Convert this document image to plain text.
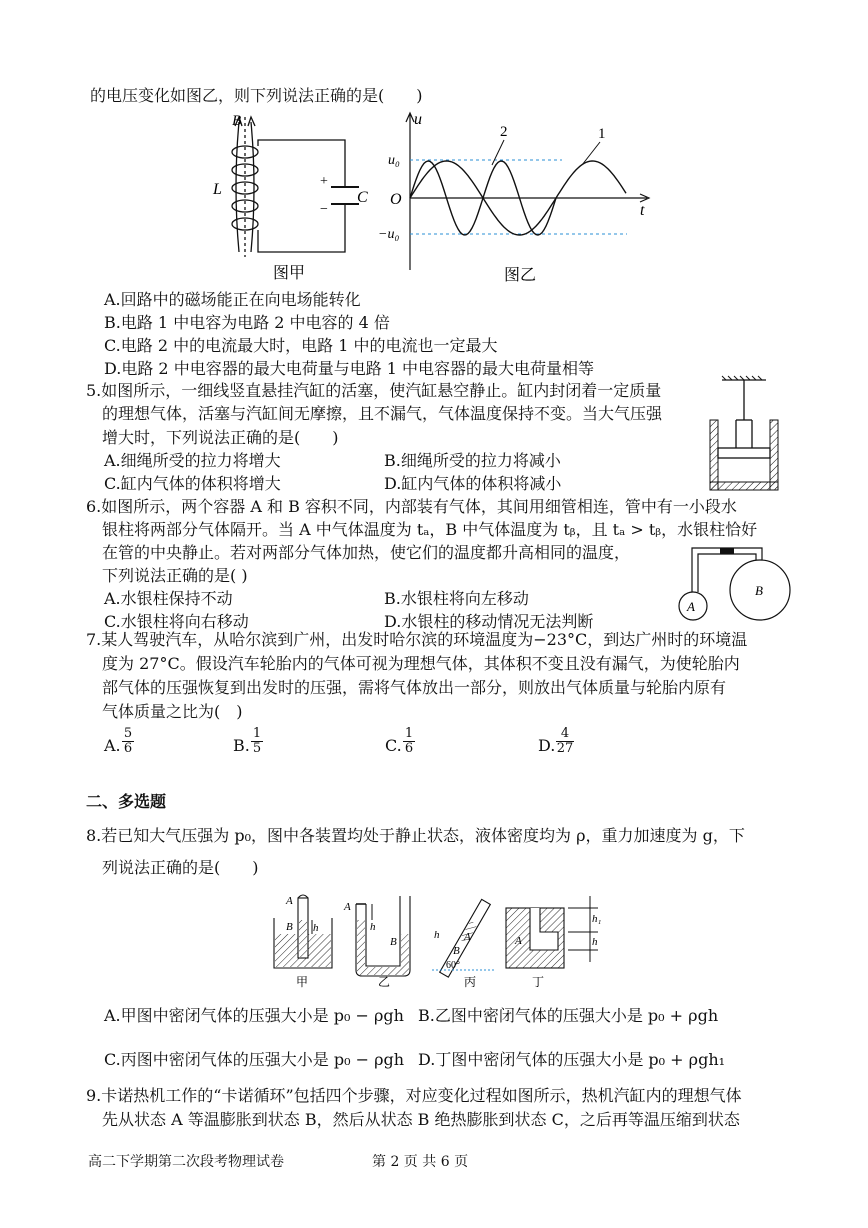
的电压变化如图乙，则下列说法正确的是(　　)
B
L	+
−
C
图甲
u
t
O
u₀
−u₀
2	1
图乙
A.回路中的磁场能正在向电场能转化
B.电路 1 中电容为电路 2 中电容的 4 倍
C.电路 2 中的电流最大时，电路 1 中的电流也一定最大
D.电路 2 中电容器的最大电荷量与电路 1 中电容器的最大电荷量相等
5.如图所示，一细线竖直悬挂汽缸的活塞，使汽缸悬空静止。缸内封闭着一定质量
的理想气体，活塞与汽缸间无摩擦，且不漏气，气体温度保持不变。当大气压强
增大时，下列说法正确的是(　　)
A.细绳所受的拉力将增大	B.细绳所受的拉力将减小
C.缸内气体的体积将增大	D.缸内气体的体积将减小
6.如图所示，两个容器 A 和 B 容积不同，内部装有气体，其间用细管相连，管中有一小段水
银柱将两部分气体隔开。当 A 中气体温度为 tₐ，B 中气体温度为 tᵦ，且 tₐ > tᵦ，水银柱恰好
在管的中央静止。若对两部分气体加热，使它们的温度都升高相同的温度，
下列说法正确的是( )
A.水银柱保持不动	B.水银柱将向左移动
C.水银柱将向右移动	D.水银柱的移动情况无法判断
A
B
7.某人驾驶汽车，从哈尔滨到广州，出发时哈尔滨的环境温度为−23°C，到达广州时的环境温
度为 27°C。假设汽车轮胎内的气体可视为理想气体，其体积不变且没有漏气，为使轮胎内
部气体的压强恢复到出发时的压强，需将气体放出一部分，则放出气体质量与轮胎内原有
气体质量之比为(　)
A. $\frac{5}{6}$	B. $\frac{1}{5}$	C. $\frac{1}{6}$	D. $\frac{4}{27}$
二、多选题
8.若已知大气压强为 p₀，图中各装置均处于静止状态，液体密度均为 ρ，重力加速度为 g，下
列说法正确的是(　　)
A
h
B
甲
A
h
B
乙
h A
B
60°
丙
h₁
h
A
丁
A.甲图中密闭气体的压强大小是 p₀ − ρgh B.乙图中密闭气体的压强大小是 p₀ + ρgh
C.丙图中密闭气体的压强大小是 p₀ − ρgh D.丁图中密闭气体的压强大小是 p₀ + ρgh₁
9.卡诺热机工作的“卡诺循环”包括四个步骤，对应变化过程如图所示，热机汽缸内的理想气体
先从状态 A 等温膨胀到状态 B，然后从状态 B 绝热膨胀到状态 C，之后再等温压缩到状态
高二下学期第二次段考物理试卷	第 2 页 共 6 页
